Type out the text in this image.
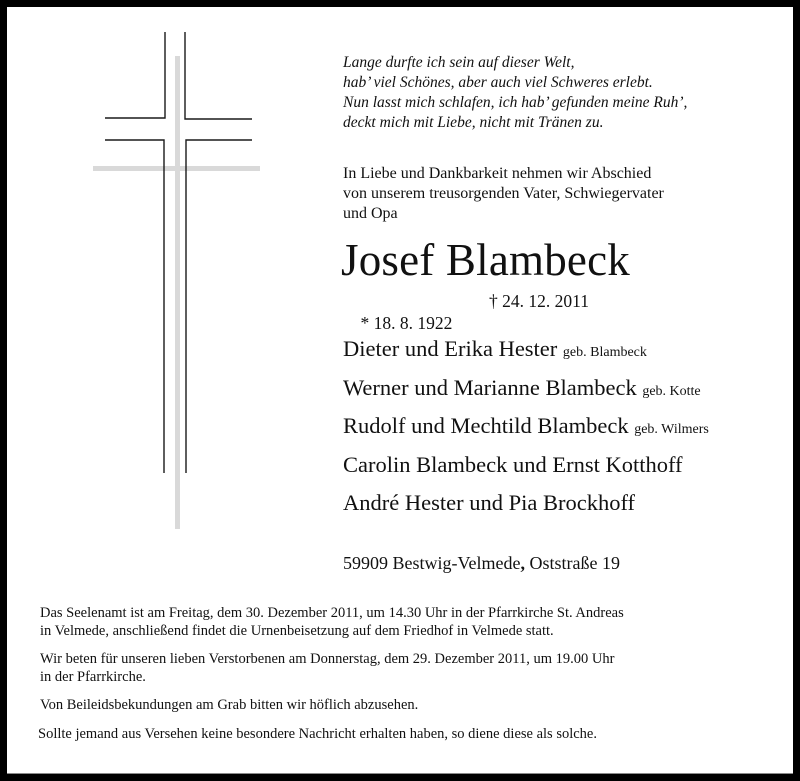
Lange durfte ich sein auf dieser Welt,
hab’ viel Schönes, aber auch viel Schweres erlebt.
Nun lasst mich schlafen, ich hab’ gefunden meine Ruh’,
deckt mich mit Liebe, nicht mit Tränen zu.
In Liebe und Dankbarkeit nehmen wir Abschied
von unserem treusorgenden Vater, Schwiegervater
und Opa
Josef Blambeck

* 18. 8. 1922

† 24. 12. 2011

Dieter und Erika Hester geb. Blambeck
Werner und Marianne Blambeck geb. Kotte
Rudolf und Mechtild Blambeck geb. Wilmers
Carolin Blambeck und Ernst Kotthoff
André Hester und Pia Brockhoff
59909 Bestwig-Velmede, Oststraße 19

Das Seelenamt ist am Freitag, dem 30. Dezember 2011, um 14.30 Uhr in der Pfarrkirche St. Andreas
in Velmede, anschließend findet die Urnenbeisetzung auf dem Friedhof in Velmede statt.

Wir beten für unseren lieben Verstorbenen am Donnerstag, dem 29. Dezember 2011, um 19.00 Uhr
in der Pfarrkirche.

Von Beileidsbekundungen am Grab bitten wir höflich abzusehen.

Sollte jemand aus Versehen keine besondere Nachricht erhalten haben, so diene diese als solche.
